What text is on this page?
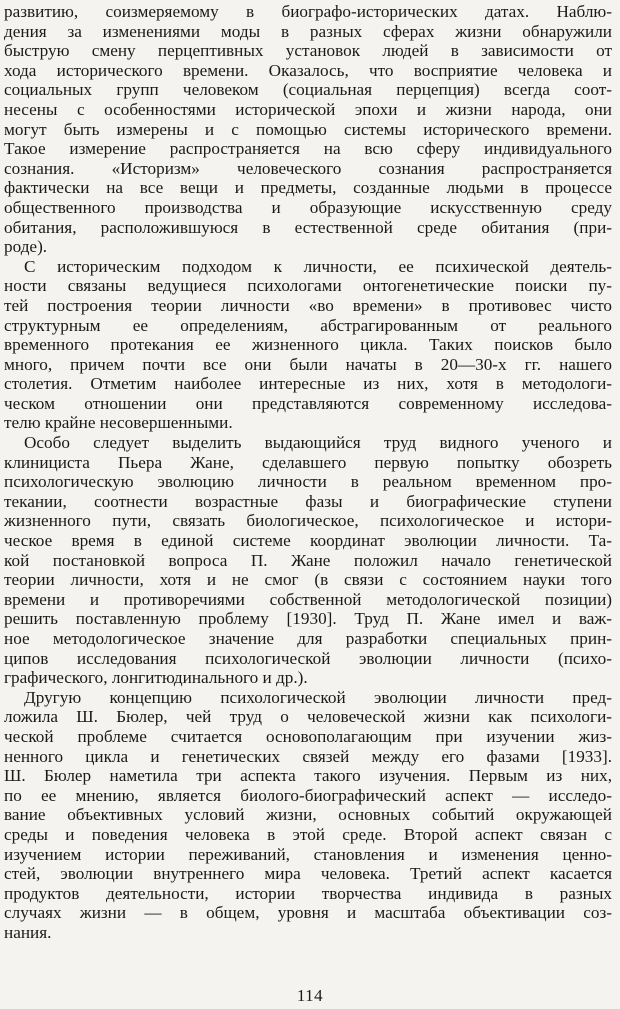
развитию, соизмеряемому в биографо-исторических датах. Наблю-
дения за изменениями моды в разных сферах жизни обнаружили
быструю смену перцептивных установок людей в зависимости от
хода исторического времени. Оказалось, что восприятие человека и
социальных групп человеком (социальная перцепция) всегда соот-
несены с особенностями исторической эпохи и жизни народа, они
могут быть измерены и с помощью системы исторического времени.
Такое измерение распространяется на всю сферу индивидуального
сознания. «Историзм» человеческого сознания распространяется
фактически на все вещи и предметы, созданные людьми в процессе
общественного производства и образующие искусственную среду
обитания, расположившуюся в естественной среде обитания (при-
роде).
С историческим подходом к личности, ее психической деятель-
ности связаны ведущиеся психологами онтогенетические поиски пу-
тей построения теории личности «во времени» в противовес чисто
структурным ее определениям, абстрагированным от реального
временного протекания ее жизненного цикла. Таких поисков было
много, причем почти все они были начаты в 20—30-х гг. нашего
столетия. Отметим наиболее интересные из них, хотя в методологи-
ческом отношении они представляются современному исследова-
телю крайне несовершенными.
Особо следует выделить выдающийся труд видного ученого и
клинициста Пьера Жане, сделавшего первую попытку обозреть
психологическую эволюцию личности в реальном временном про-
текании, соотнести возрастные фазы и биографические ступени
жизненного пути, связать биологическое, психологическое и истори-
ческое время в единой системе координат эволюции личности. Та-
кой постановкой вопроса П. Жане положил начало генетической
теории личности, хотя и не смог (в связи с состоянием науки того
времени и противоречиями собственной методологической позиции)
решить поставленную проблему [1930]. Труд П. Жане имел и важ-
ное методологическое значение для разработки специальных прин-
ципов исследования психологической эволюции личности (психо-
графического, лонгитюдинального и др.).
Другую концепцию психологической эволюции личности пред-
ложила Ш. Бюлер, чей труд о человеческой жизни как психологи-
ческой проблеме считается основополагающим при изучении жиз-
ненного цикла и генетических связей между его фазами [1933].
Ш. Бюлер наметила три аспекта такого изучения. Первым из них,
по ее мнению, является биолого-биографический аспект — исследо-
вание объективных условий жизни, основных событий окружающей
среды и поведения человека в этой среде. Второй аспект связан с
изучением истории переживаний, становления и изменения ценно-
стей, эволюции внутреннего мира человека. Третий аспект касается
продуктов деятельности, истории творчества индивида в разных
случаях жизни — в общем, уровня и масштаба объективации соз-
нания.
114
